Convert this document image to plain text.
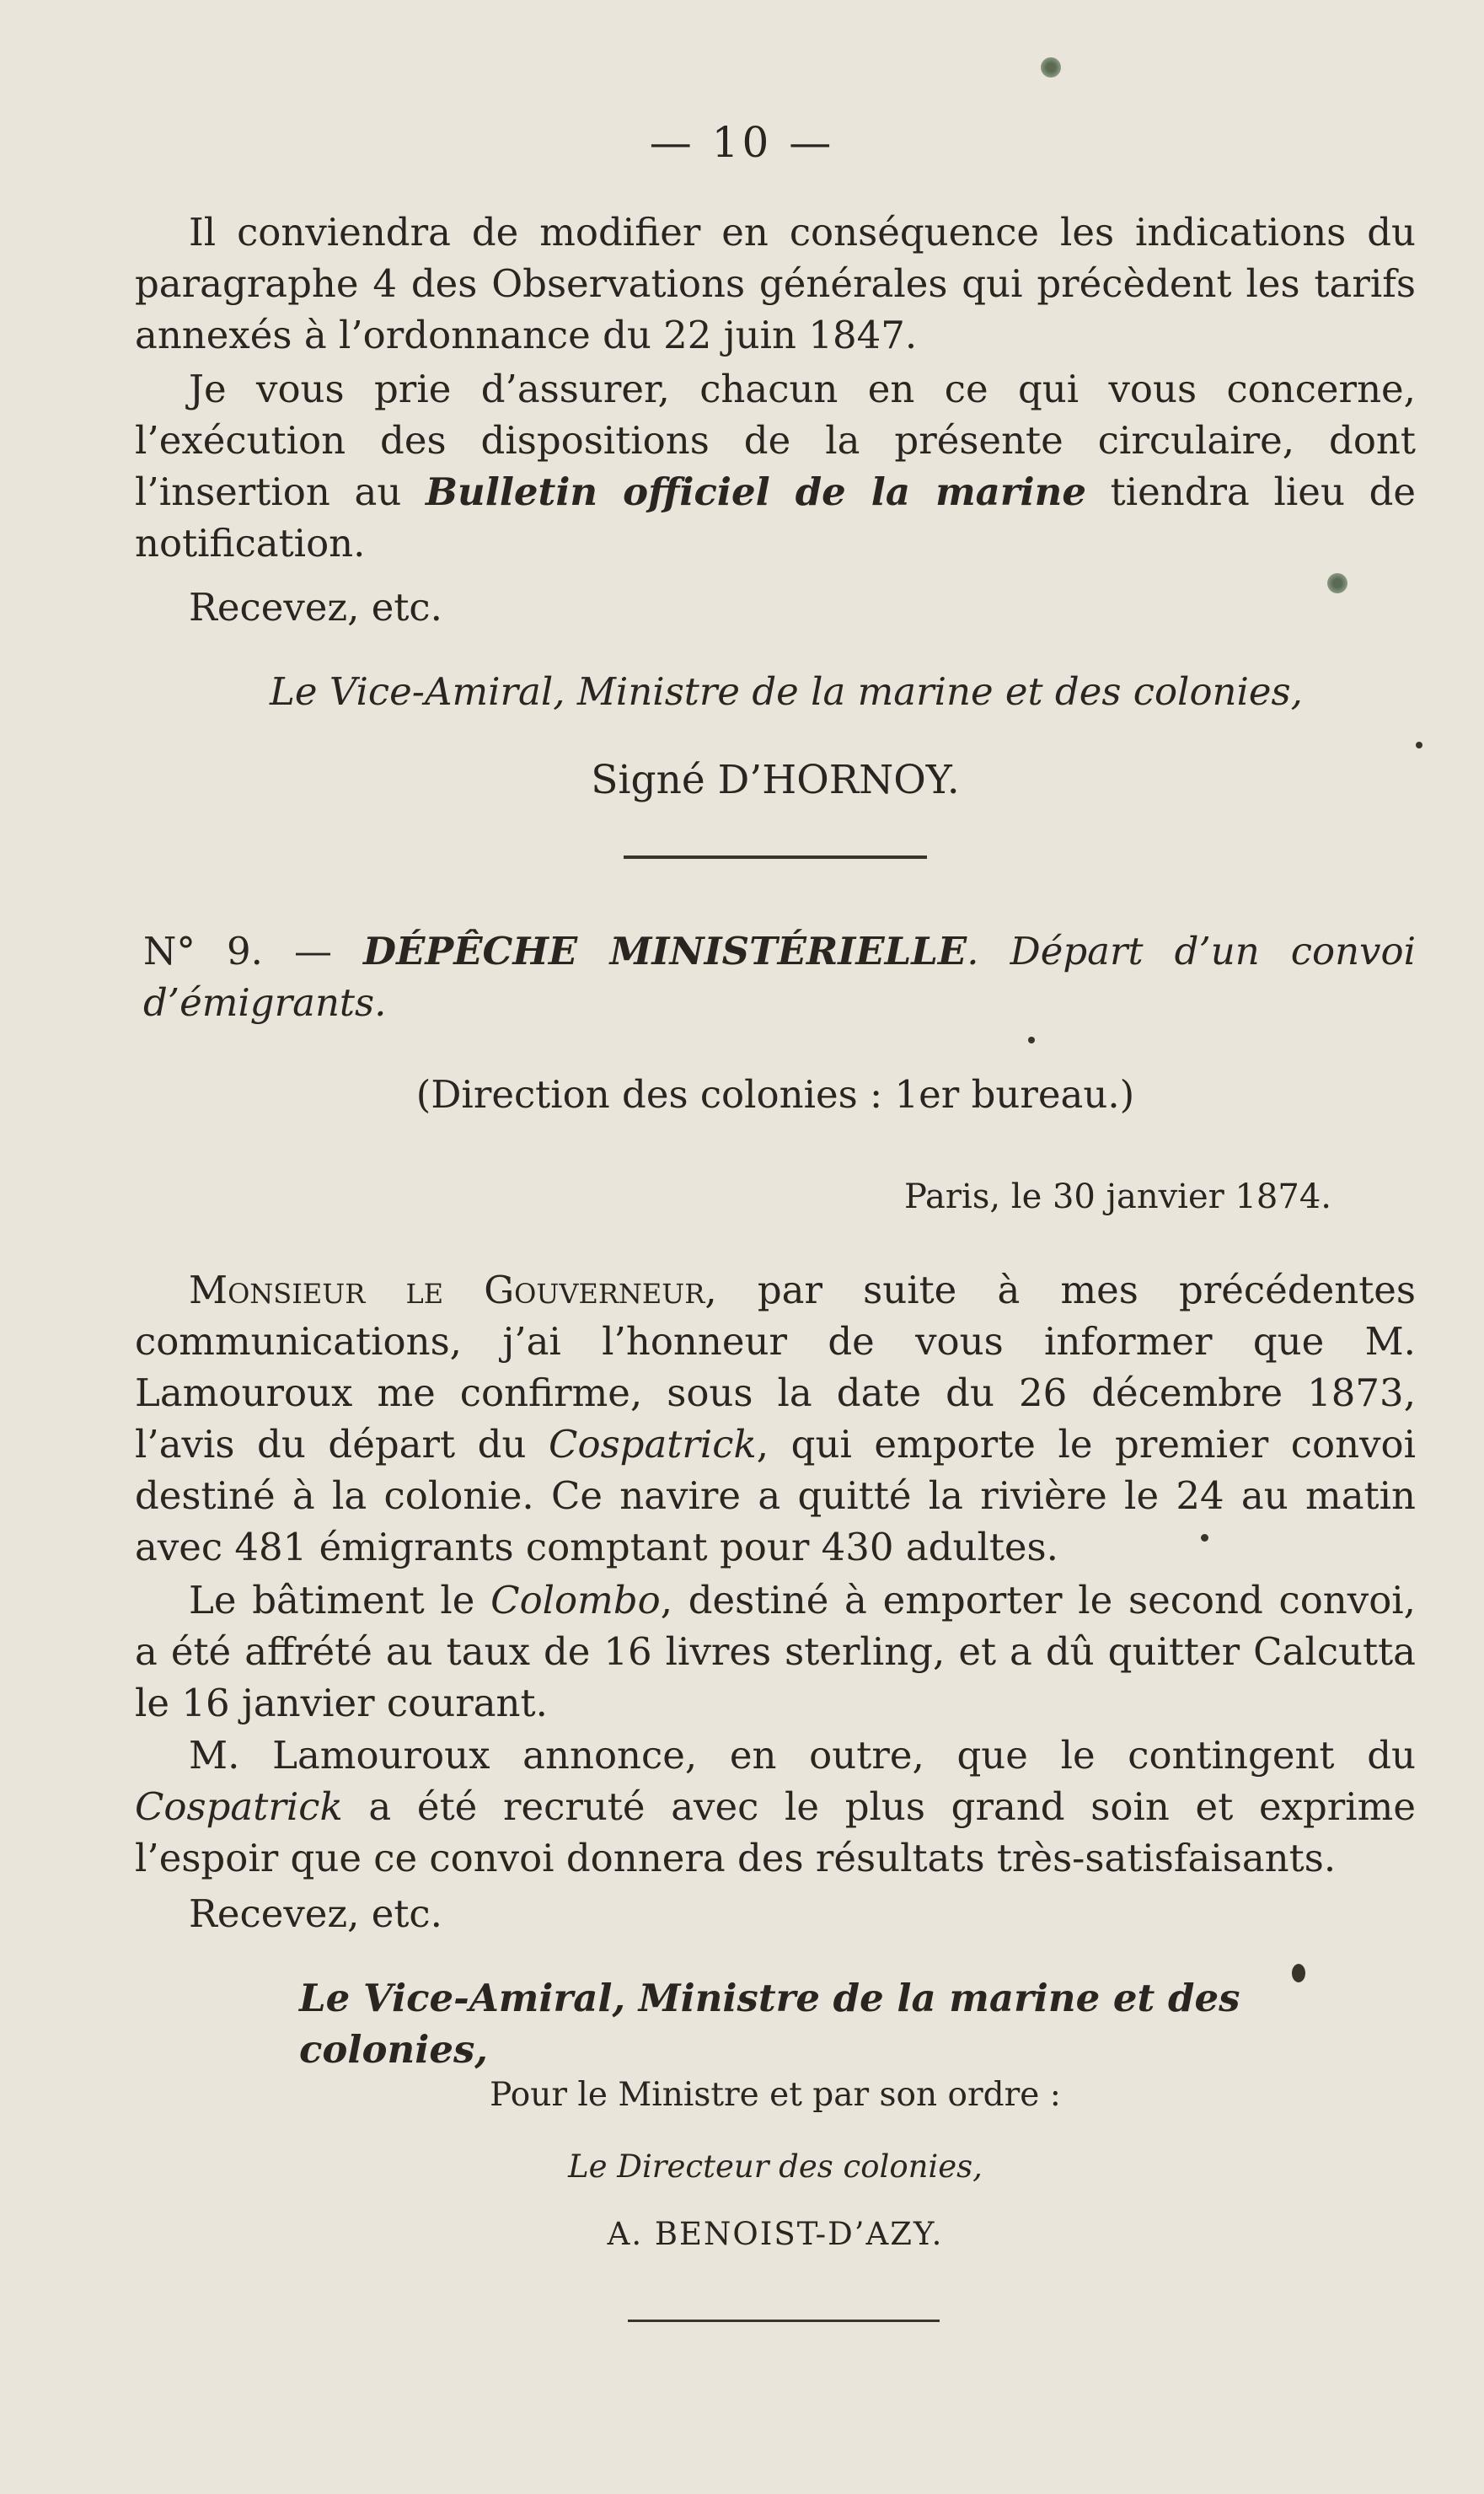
— 10 —
Il conviendra de modifier en conséquence les indications du paragraphe 4 des Observations générales qui précèdent les tarifs annexés à l’ordonnance du 22 juin 1847.
Je vous prie d’assurer, chacun en ce qui vous concerne, l’exécution des dispositions de la présente circulaire, dont l’insertion au Bulletin officiel de la marine tiendra lieu de notification.
Recevez, etc.
Le Vice-Amiral, Ministre de la marine et des colonies,
Signé D’HORNOY.
N° 9. — DÉPÊCHE MINISTÉRIELLE. Départ d’un convoi d’émigrants.
(Direction des colonies : 1er bureau.)
Paris, le 30 janvier 1874.
Monsieur le Gouverneur, par suite à mes précédentes communications, j’ai l’honneur de vous informer que M. Lamouroux me confirme, sous la date du 26 décembre 1873, l’avis du départ du Cospatrick, qui emporte le premier convoi destiné à la colonie. Ce navire a quitté la rivière le 24 au matin avec 481 émigrants comptant pour 430 adultes.
Le bâtiment le Colombo, destiné à emporter le second convoi, a été affrété au taux de 16 livres sterling, et a dû quitter Calcutta le 16 janvier courant.
M. Lamouroux annonce, en outre, que le contingent du Cospatrick a été recruté avec le plus grand soin et exprime l’espoir que ce convoi donnera des résultats très-satisfaisants.
Recevez, etc.
Le Vice-Amiral, Ministre de la marine et des colonies,
Pour le Ministre et par son ordre :
Le Directeur des colonies,
A. BENOIST-D’AZY.
